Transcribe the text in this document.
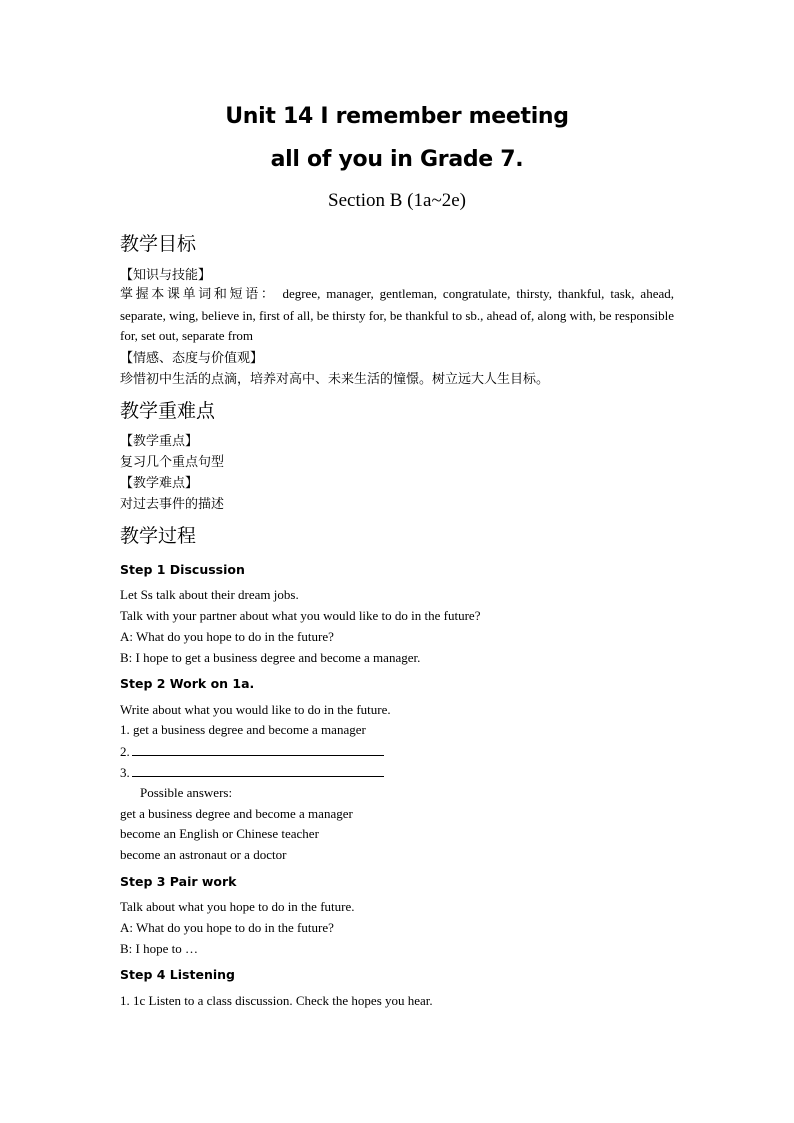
Unit 14 I remember meeting
all of you in Grade 7.
Section B (1a~2e)
教学目标
【知识与技能】
掌握本课单词和短语： degree, manager, gentleman, congratulate, thirsty, thankful, task, ahead, separate, wing, believe in, first of all, be thirsty for, be thankful to sb., ahead of, along with, be responsible for, set out, separate from
【情感、态度与价值观】
珍惜初中生活的点滴，培养对高中、未来生活的憧憬。树立远大人生目标。
教学重难点
【教学重点】
复习几个重点句型
【教学难点】
对过去事件的描述
教学过程
Step 1 Discussion
Let Ss talk about their dream jobs.
Talk with your partner about what you would like to do in the future?
A: What do you hope to do in the future?
B: I hope to get a business degree and become a manager.
Step 2 Work on 1a.
Write about what you would like to do in the future.
1. get a business degree and become a manager
2.
3.
Possible answers:
get a business degree and become a manager
become an English or Chinese teacher
become an astronaut or a doctor
Step 3 Pair work
Talk about what you hope to do in the future.
A: What do you hope to do in the future?
B: I hope to …
Step 4 Listening
1. 1c Listen to a class discussion. Check the hopes you hear.
